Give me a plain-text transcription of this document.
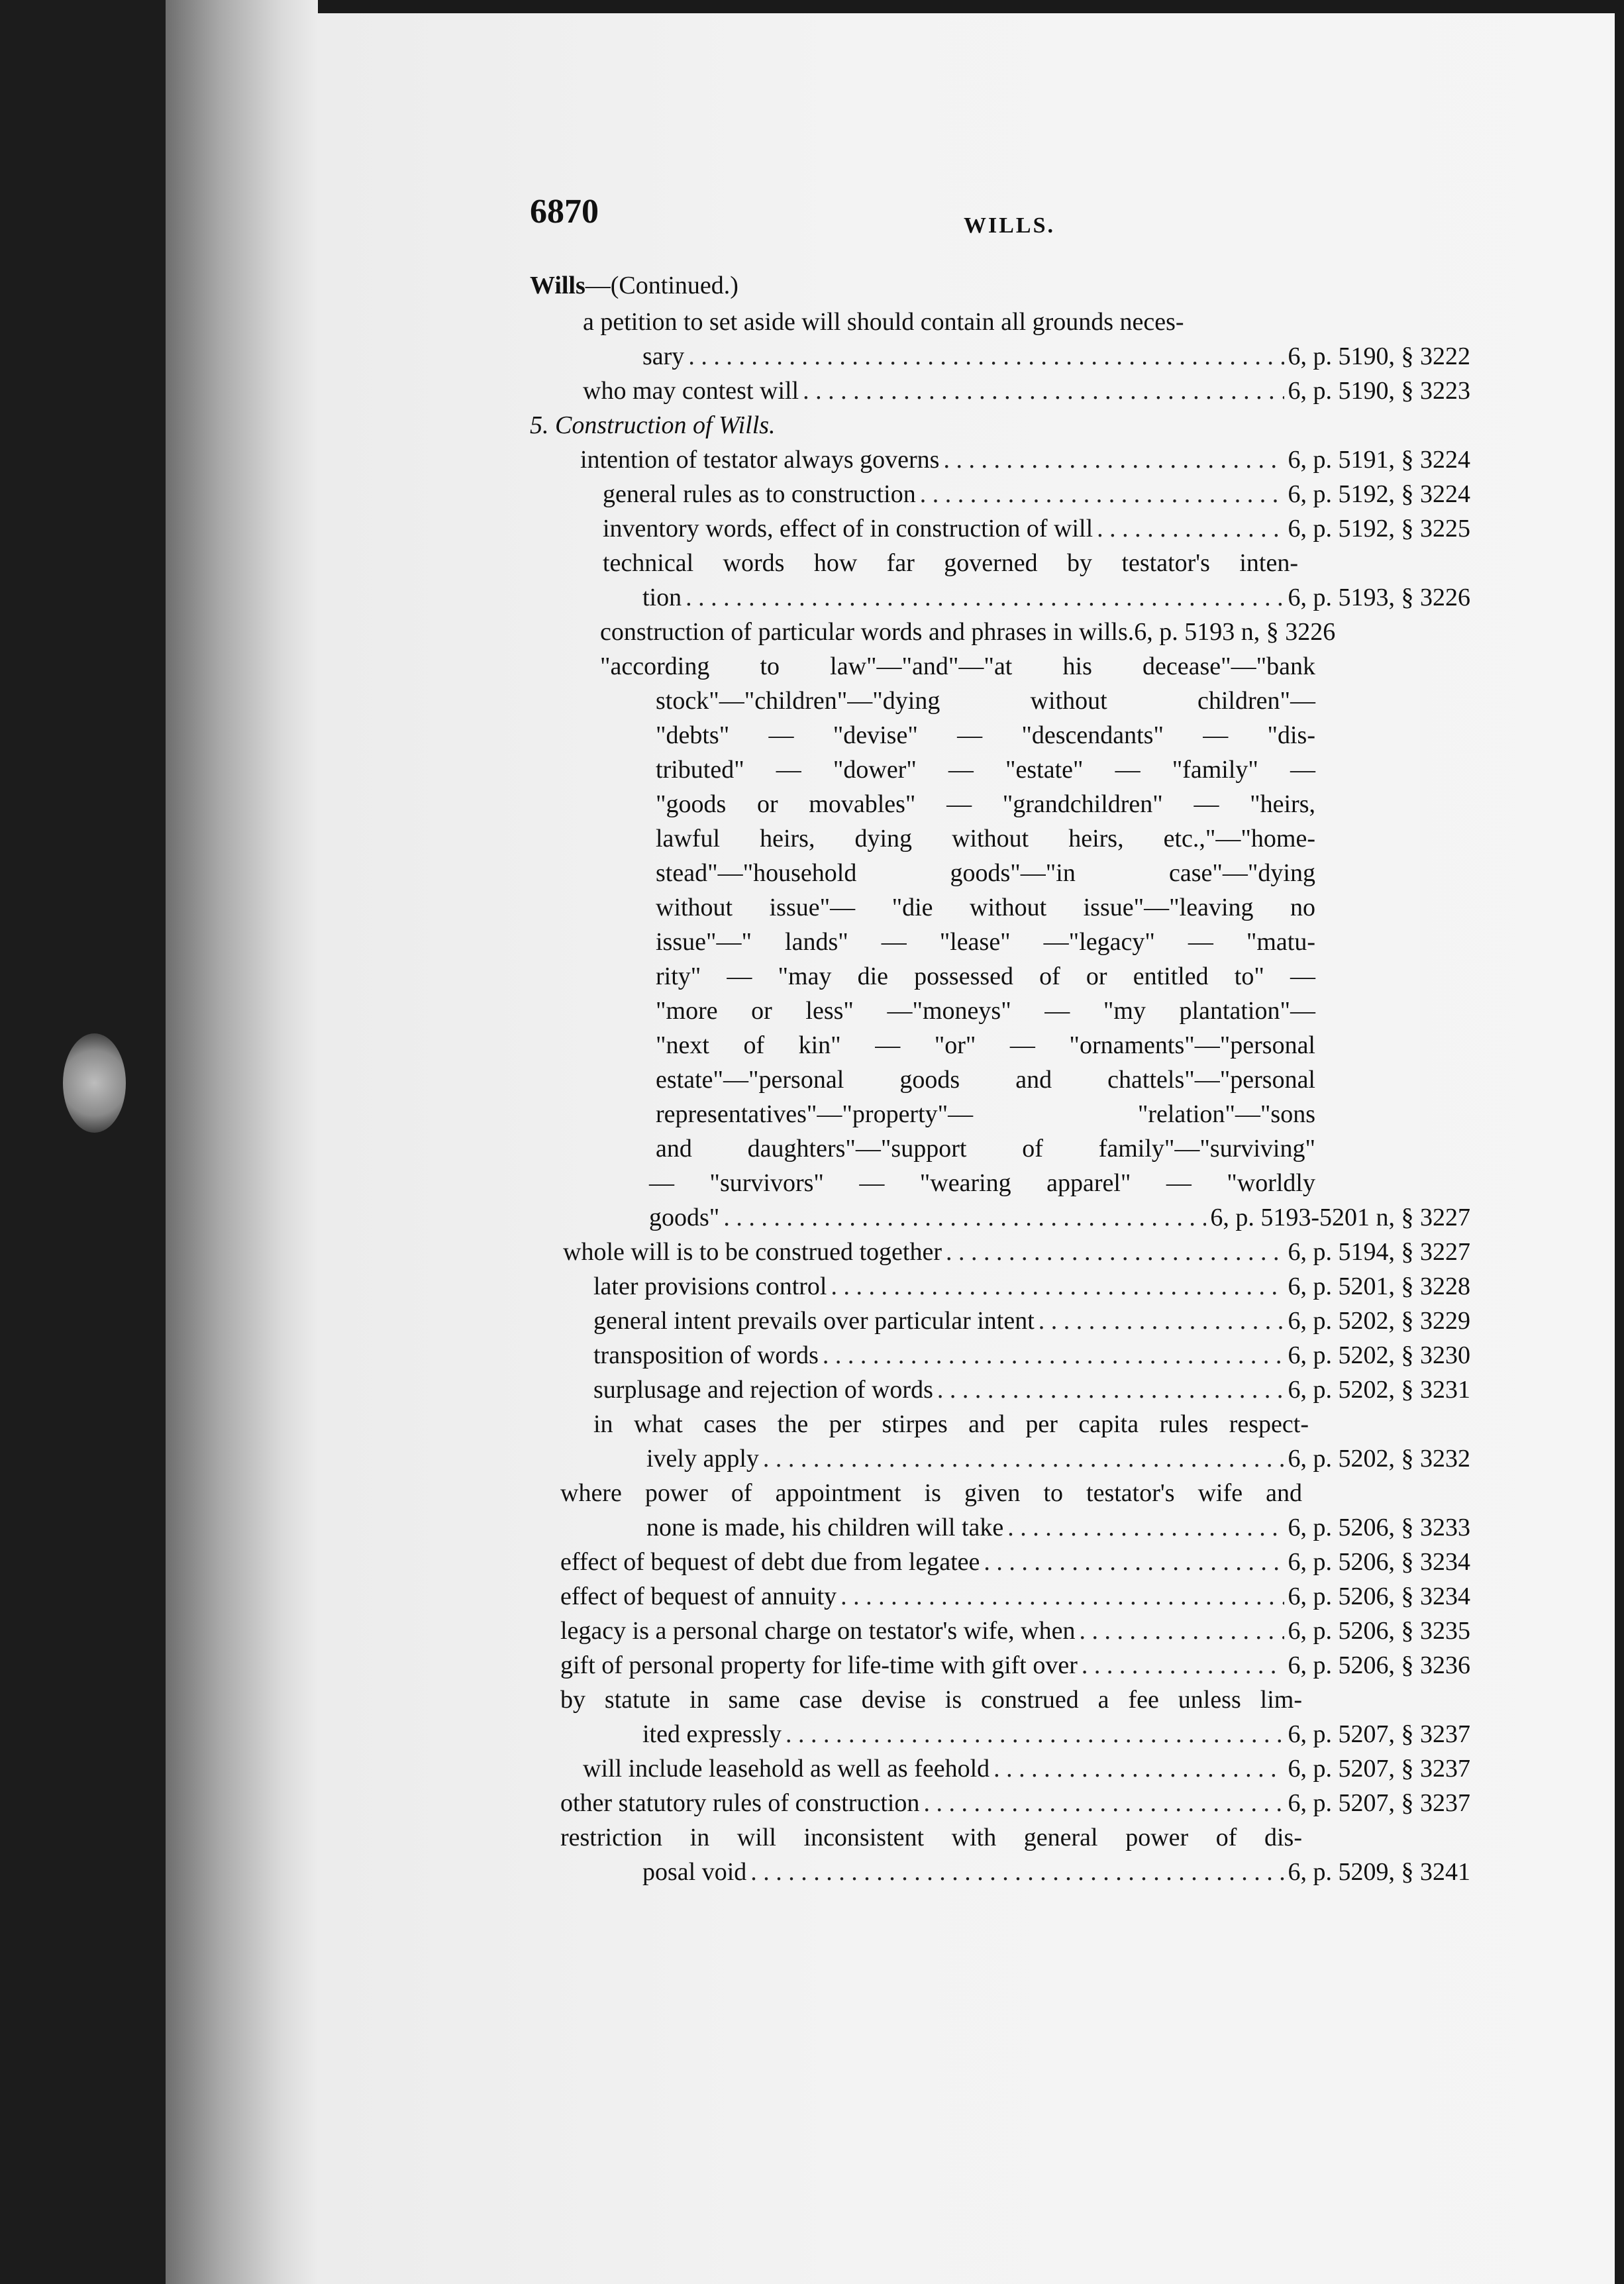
6870	WILLS.
Wills —(Continued.)
a petition to set aside will should contain all grounds neces-
sary . . .	6, p. 5190, § 3222
who may contest will . . .	6, p. 5190, § 3223
5. Construction of Wills.
intention of testator always governs . . .	6, p. 5191, § 3224
general rules as to construction . . .	6, p. 5192, § 3224
inventory words, effect of in construction of will . . .	6, p. 5192, § 3225
technical words how far governed by testator's inten-
tion . . .	6, p. 5193, § 3226
construction of particular words and phrases in wills.6, p. 5193 n, § 3226
"according to law"—"and"—"at his decease"—"bank
stock"—"children"—"dying without children"—
"debts" — "devise" — "descendants" — "dis-
tributed" — "dower" — "estate" — "family" —
"goods or movables" — "grandchildren" — "heirs,
lawful heirs, dying without heirs, etc.,"—"home-
stead"—"household goods"—"in case"—"dying
without issue"— "die without issue"—"leaving no
issue"—" lands" — "lease" —"legacy" — "matu-
rity" — "may die possessed of or entitled to" —
"more or less" —"moneys" — "my plantation"—
"next of kin" — "or" — "ornaments"—"personal
estate"—"personal goods and chattels"—"personal
representatives"—"property"— "relation"—"sons
and daughters"—"support of family"—"surviving"
— "survivors" — "wearing apparel" — "worldly
goods" . . .	6, p. 5193-5201 n, § 3227
whole will is to be construed together . . .	6, p. 5194, § 3227
later provisions control . . .	6, p. 5201, § 3228
general intent prevails over particular intent . . .	6, p. 5202, § 3229
transposition of words . . .	6, p. 5202, § 3230
surplusage and rejection of words . . .	6, p. 5202, § 3231
in what cases the per stirpes and per capita rules respect-
ively apply . . .	6, p. 5202, § 3232
where power of appointment is given to testator's wife and
none is made, his children will take . . .	6, p. 5206, § 3233
effect of bequest of debt due from legatee . . .	6, p. 5206, § 3234
effect of bequest of annuity . . .	6, p. 5206, § 3234
legacy is a personal charge on testator's wife, when . . .	6, p. 5206, § 3235
gift of personal property for life-time with gift over . . .	6, p. 5206, § 3236
by statute in same case devise is construed a fee unless lim-
ited expressly . . .	6, p. 5207, § 3237
will include leasehold as well as feehold . . .	6, p. 5207, § 3237
other statutory rules of construction . . .	6, p. 5207, § 3237
restriction in will inconsistent with general power of dis-
posal void . . .	6, p. 5209, § 3241
